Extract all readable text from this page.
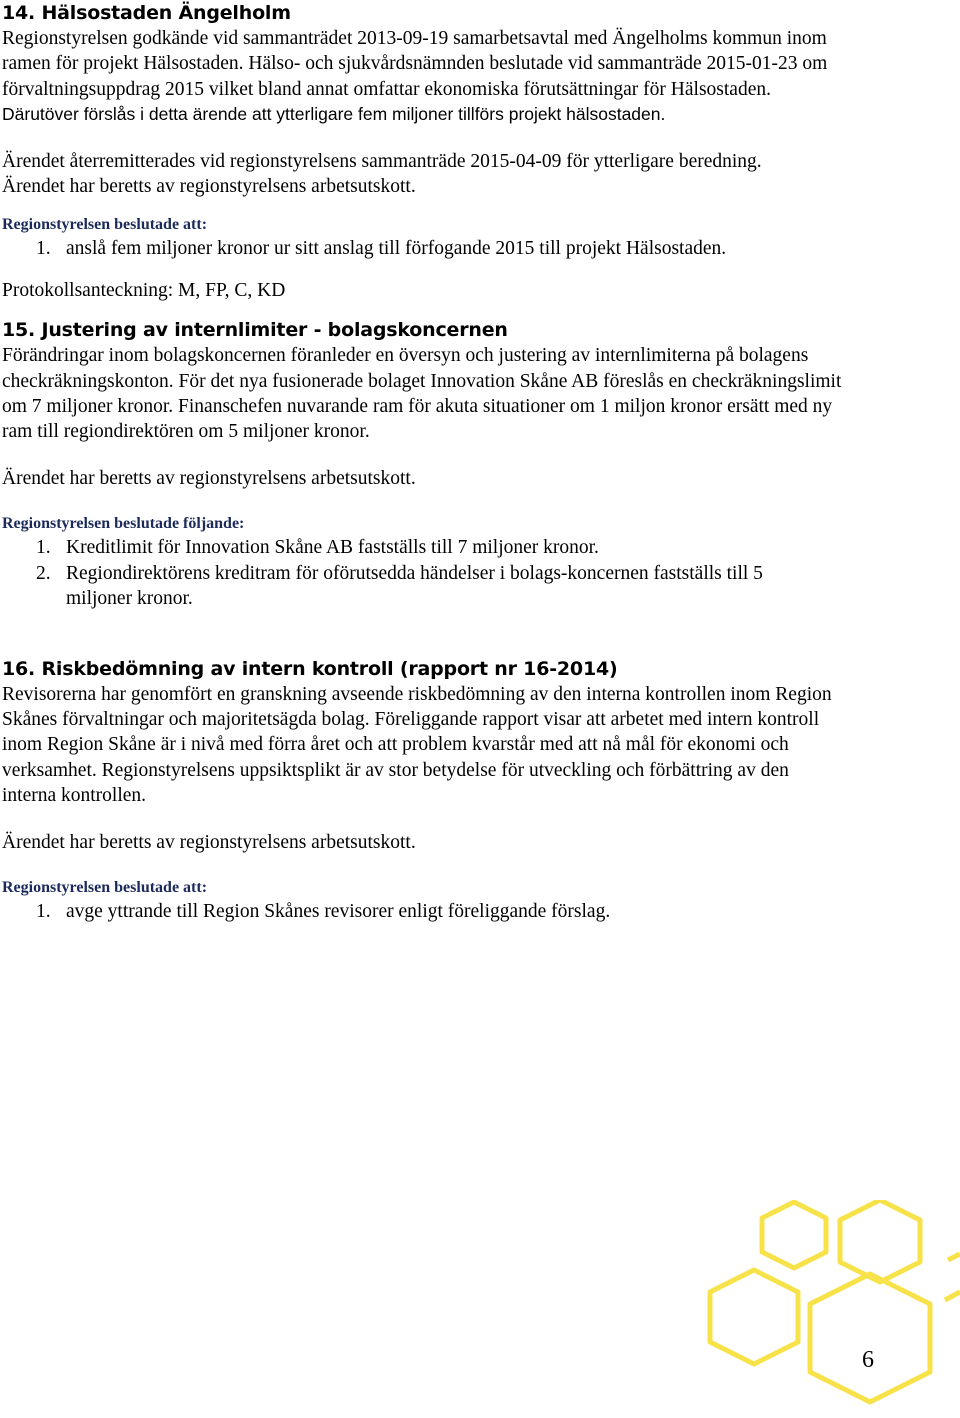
14. Hälsostaden Ängelholm

Regionstyrelsen godkände vid sammanträdet 2013-09-19 samarbetsavtal med Ängelholms kommun inom ramen för projekt Hälsostaden. Hälso- och sjukvårdsnämnden beslutade vid sammanträde 2015-01-23 om förvaltningsuppdrag 2015 vilket bland annat omfattar ekonomiska förutsättningar för Hälsostaden. Därutöver förslås i detta ärende att ytterligare fem miljoner tillförs projekt hälsostaden.

Ärendet återremitterades vid regionstyrelsens sammanträde 2015-04-09 för ytterligare beredning. Ärendet har beretts av regionstyrelsens arbetsutskott.

Regionstyrelsen beslutade att:

1. anslå fem miljoner kronor ur sitt anslag till förfogande 2015 till projekt Hälsostaden.

Protokollsanteckning: M, FP, C, KD

15. Justering av internlimiter - bolagskoncernen

Förändringar inom bolagskoncernen föranleder en översyn och justering av internlimiterna på bolagens checkräkningskonton. För det nya fusionerade bolaget Innovation Skåne AB föreslås en checkräkningslimit om 7 miljoner kronor. Finanschefen nuvarande ram för akuta situationer om 1 miljon kronor ersätt med ny ram till regiondirektören om 5 miljoner kronor.

Ärendet har beretts av regionstyrelsens arbetsutskott.

Regionstyrelsen beslutade följande:

1. Kreditlimit för Innovation Skåne AB fastställs till 7 miljoner kronor.
2. Regiondirektörens kreditram för oförutsedda händelser i bolags-koncernen fastställs till 5 miljoner kronor.
16. Riskbedömning av intern kontroll (rapport nr 16-2014)

Revisorerna har genomfört en granskning avseende riskbedömning av den interna kontrollen inom Region Skånes förvaltningar och majoritetsägda bolag. Föreliggande rapport visar att arbetet med intern kontroll inom Region Skåne är i nivå med förra året och att problem kvarstår med att nå mål för ekonomi och verksamhet. Regionstyrelsens uppsiktsplikt är av stor betydelse för utveckling och förbättring av den interna kontrollen.

Ärendet har beretts av regionstyrelsens arbetsutskott.

Regionstyrelsen beslutade att:

1. avge yttrande till Region Skånes revisorer enligt föreliggande förslag.
6
